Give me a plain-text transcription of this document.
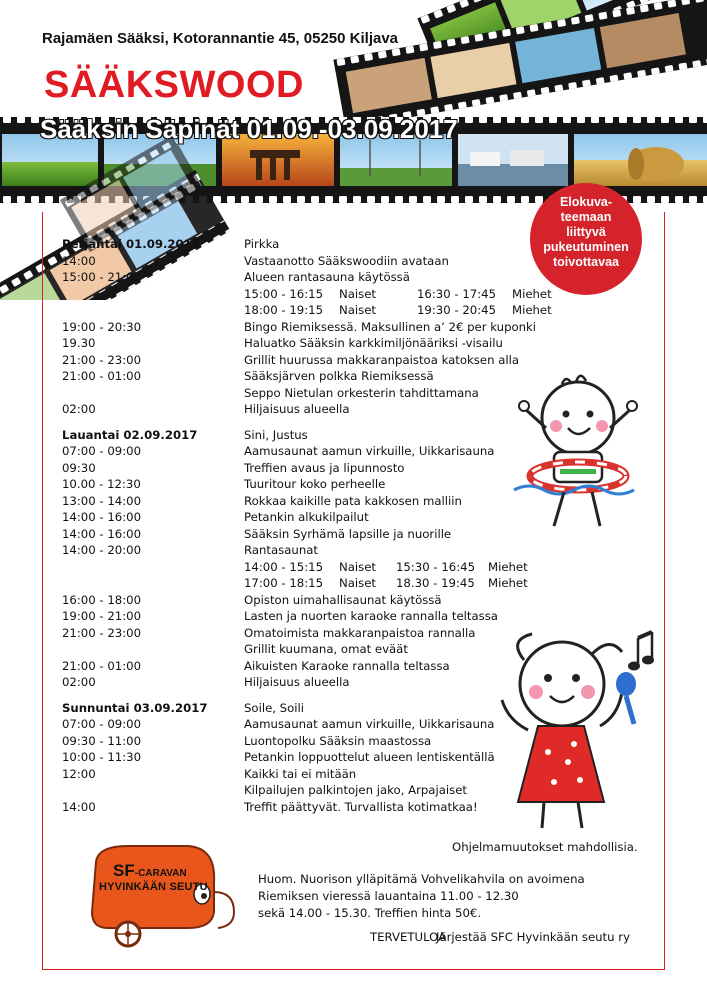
Rajamäen Sääksi, Kotorannantie 45, 05250 Kiljava
SÄÄKSWOOD
Sääksin Säpinät 01.09.-03.09.2017
Elokuva-
teemaan
liittyvä
pukeutuminen
toivottavaa
Perjantai 01.09.2017	Pirkka
14:00	Vastaanotto Sääkswoodiin avataan
15:00 - 21:00	Alueen rantasauna käytössä
15:00 - 16:15 Naiset	16:30 - 17:45 Miehet
18:00 - 19:15 Naiset	19:30 - 20:45 Miehet
19:00 - 20:30	Bingo Riemiksessä. Maksullinen a’ 2€ per kuponki
19.30	Haluatko Sääksin karkkimiljönääriksi -visailu
21:00 - 23:00	Grillit huurussa makkaranpaistoa katoksen alla
21:00 - 01:00	Sääksjärven polkka Riemiksessä
Seppo Nietulan orkesterin tahdittamana
02:00	Hiljaisuus alueella
Lauantai 02.09.2017	Sini, Justus
07:00 - 09:00	Aamusaunat aamun virkuille, Uikkarisauna
09:30	Treffien avaus ja lipunnosto
10.00 - 12:30	Tuuritour koko perheelle
13:00 - 14:00	Rokkaa kaikille pata kakkosen malliin
14:00 - 16:00	Petankin alkukilpailut
14:00 - 16:00	Sääksin Syrhämä lapsille ja nuorille
14:00 - 20:00	Rantasaunat
14:00 - 15:15 Naiset 15:30 - 16:45 Miehet
17:00 - 18:15 Naiset 18.30 - 19:45 Miehet
16:00 - 18:00	Opiston uimahallisaunat käytössä
19:00 - 21:00	Lasten ja nuorten karaoke rannalla teltassa
21:00 - 23:00	Omatoimista makkaranpaistoa rannalla
Grillit kuumana, omat eväät
21:00 - 01:00	Aikuisten Karaoke rannalla teltassa
02:00	Hiljaisuus alueella
Sunnuntai 03.09.2017	Soile, Soili
07:00 - 09:00	Aamusaunat aamun virkuille, Uikkarisauna
09:30 - 11:00	Luontopolku Sääksin maastossa
10:00 - 11:30	Petankin loppuottelut alueen lentiskentällä
12:00	Kaikki tai ei mitään
Kilpailujen palkintojen jako, Arpajaiset
14:00	Treffit päättyvät. Turvallista kotimatkaa!
Ohjelmamuutokset mahdollisia.
Huom. Nuorison ylläpitämä Vohvelikahvila on avoimena
Riemiksen vieressä lauantaina 11.00 - 12.30
sekä 14.00 - 15.30. Treffien hinta 50€.
TERVETULOA
Järjestää SFC Hyvinkään seutu ry
SF-CARAVAN
HYVINKÄÄN SEUTU
